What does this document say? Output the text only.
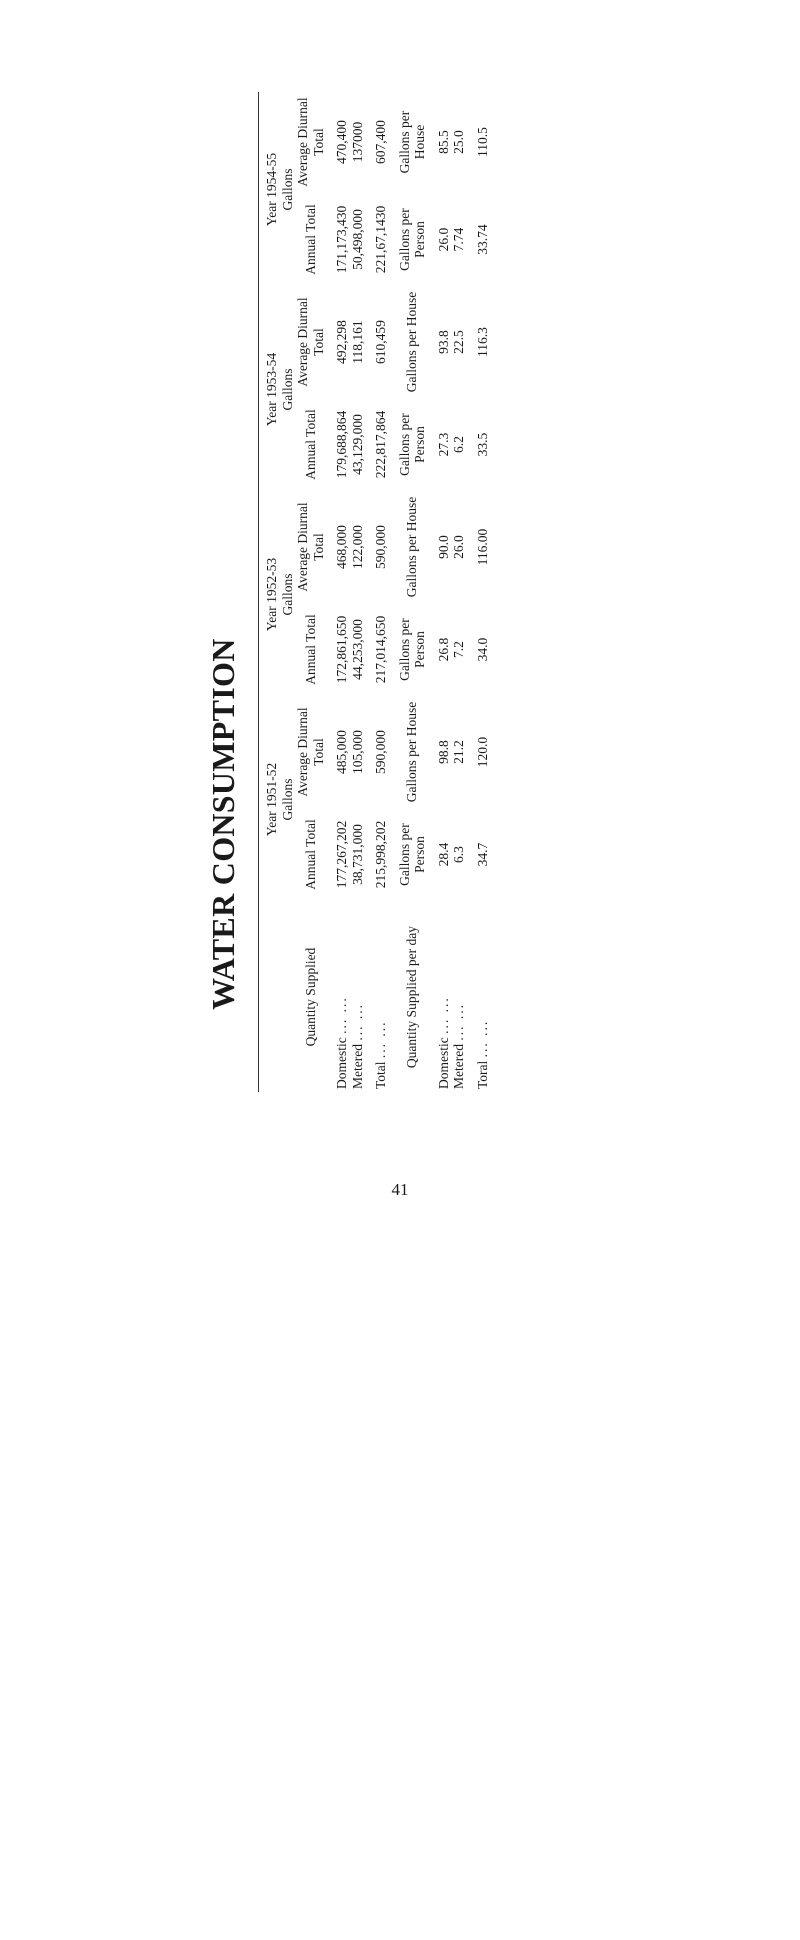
WATER CONSUMPTION
	Year 1951-52		Year 1952-53		Year 1953-54		Year 1954-55	
	Gallons		Gallons		Gallons		Gallons	
Quantity Supplied	Annual Total	Average Diurnal Total	Annual Total	Average Diurnal Total	Annual Total	Average Diurnal Total	Annual Total	Average Diurnal Total

Domestic ... ...	177,267,202	485,000	172,861,650	468,000	179,688,864	492,298	171,173,430	470,400
Metered ... ...	38,731,000	105,000	44,253,000	122,000	43,129,000	118,161	50,498,000	137000

Total ... ...	215,998,202	590,000	217,014,650	590,000	222,817,864	610,459	221,67,1430	607,400

Quantity Supplied per day	Gallons per Person	Gallons per House	Gallons per Person	Gallons per House	Gallons per Person	Gallons per House	Gallons per Person	Gallons per House

Domestic ... ...	28.4	98.8	26.8	90.0	27.3	93.8	26.0	85.5
Metered ... ...	6.3	21.2	7.2	26.0	6.2	22.5	7.74	25.0

Toral ... ...	34.7	120.0	34.0	116.00	33.5	116.3	33.74	110.5
41
